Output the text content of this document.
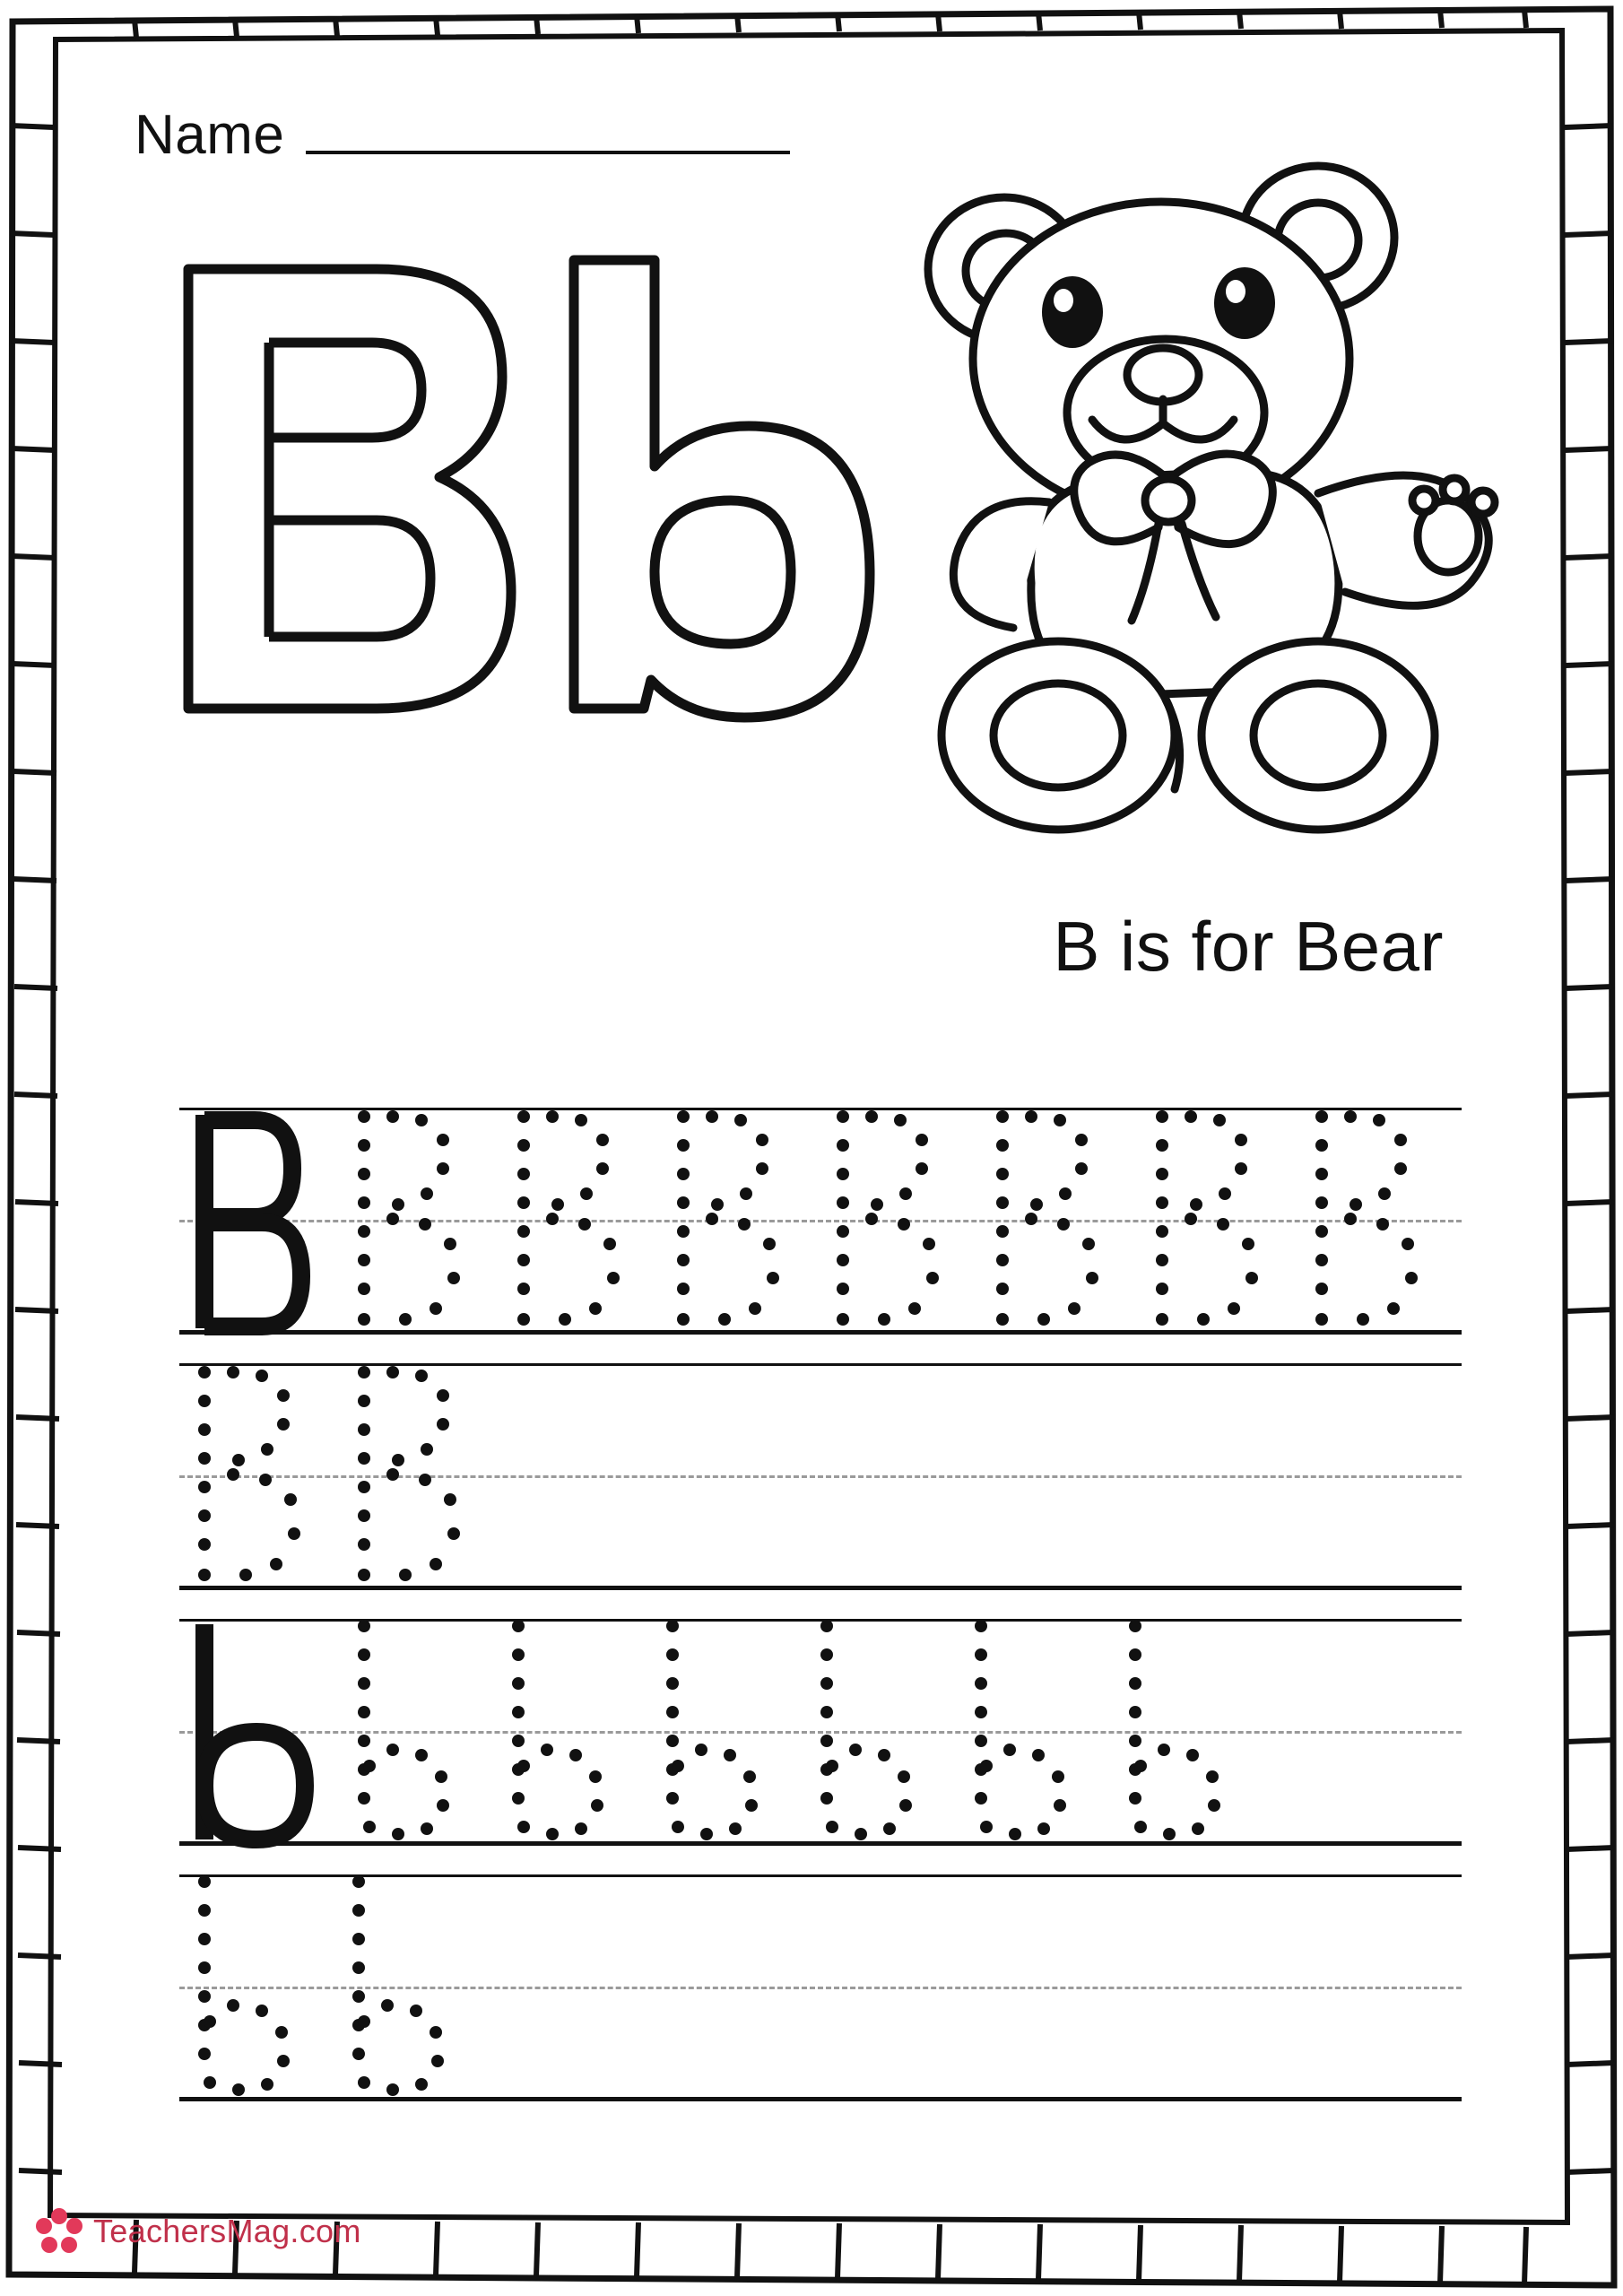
Name
B is for Bear
TeachersMag.com
